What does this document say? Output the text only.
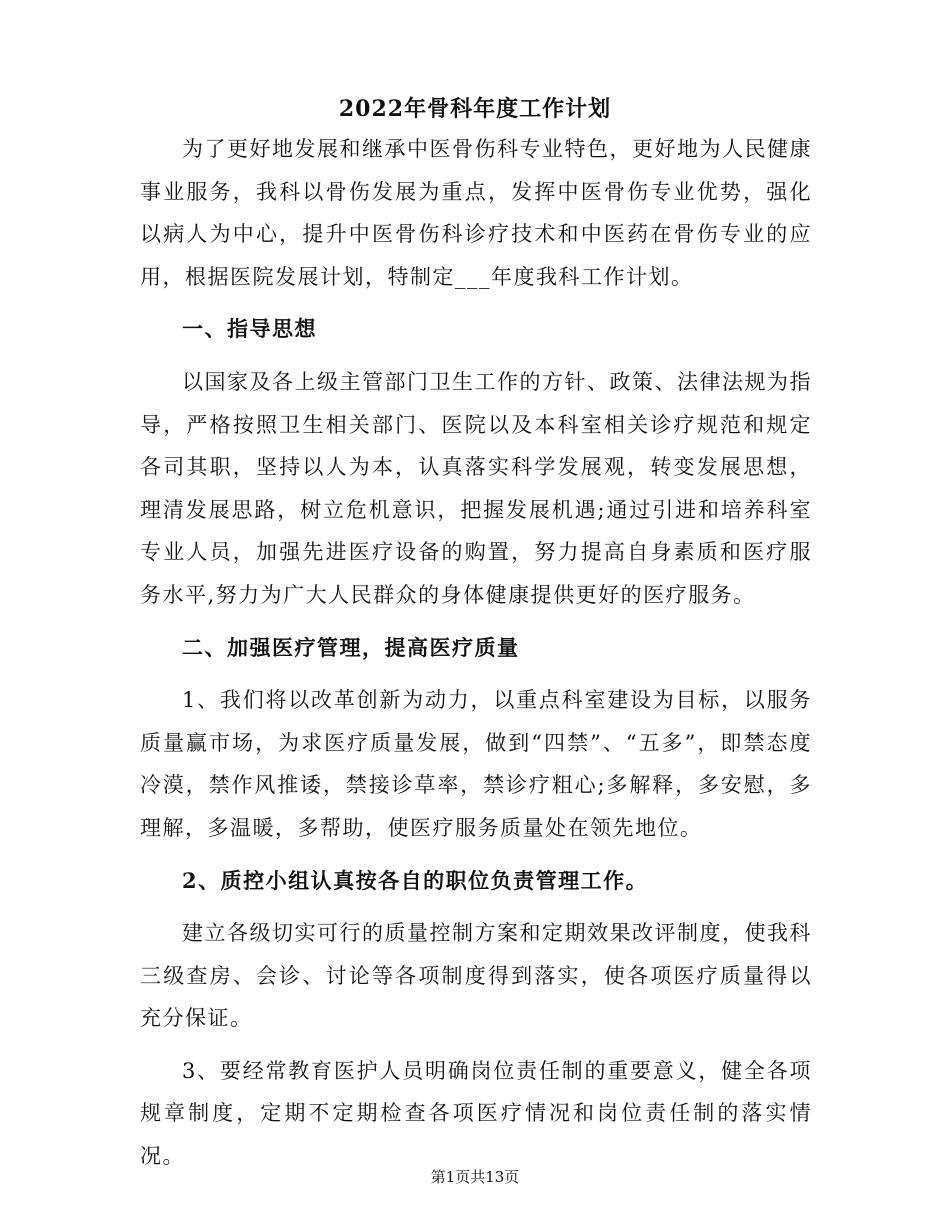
2022年骨科年度工作计划

为了更好地发展和继承中医骨伤科专业特色，更好地为人民健康事业服务，我科以骨伤发展为重点，发挥中医骨伤专业优势，强化以病人为中心，提升中医骨伤科诊疗技术和中医药在骨伤专业的应用，根据医院发展计划，特制定___年度我科工作计划。

一、指导思想

以国家及各上级主管部门卫生工作的方针、政策、法律法规为指导，严格按照卫生相关部门、医院以及本科室相关诊疗规范和规定各司其职，坚持以人为本，认真落实科学发展观，转变发展思想，理清发展思路，树立危机意识，把握发展机遇;通过引进和培养科室专业人员，加强先进医疗设备的购置，努力提高自身素质和医疗服务水平,努力为广大人民群众的身体健康提供更好的医疗服务。

二、加强医疗管理，提高医疗质量

1、我们将以改革创新为动力，以重点科室建设为目标，以服务质量赢市场，为求医疗质量发展，做到“四禁”、“五多”，即禁态度冷漠，禁作风推诿，禁接诊草率，禁诊疗粗心;多解释，多安慰，多理解，多温暖，多帮助，使医疗服务质量处在领先地位。

2、质控小组认真按各自的职位负责管理工作。

建立各级切实可行的质量控制方案和定期效果改评制度，使我科三级查房、会诊、讨论等各项制度得到落实，使各项医疗质量得以充分保证。

3、要经常教育医护人员明确岗位责任制的重要意义，健全各项规章制度，定期不定期检查各项医疗情况和岗位责任制的落实情况。

第1页共13页
